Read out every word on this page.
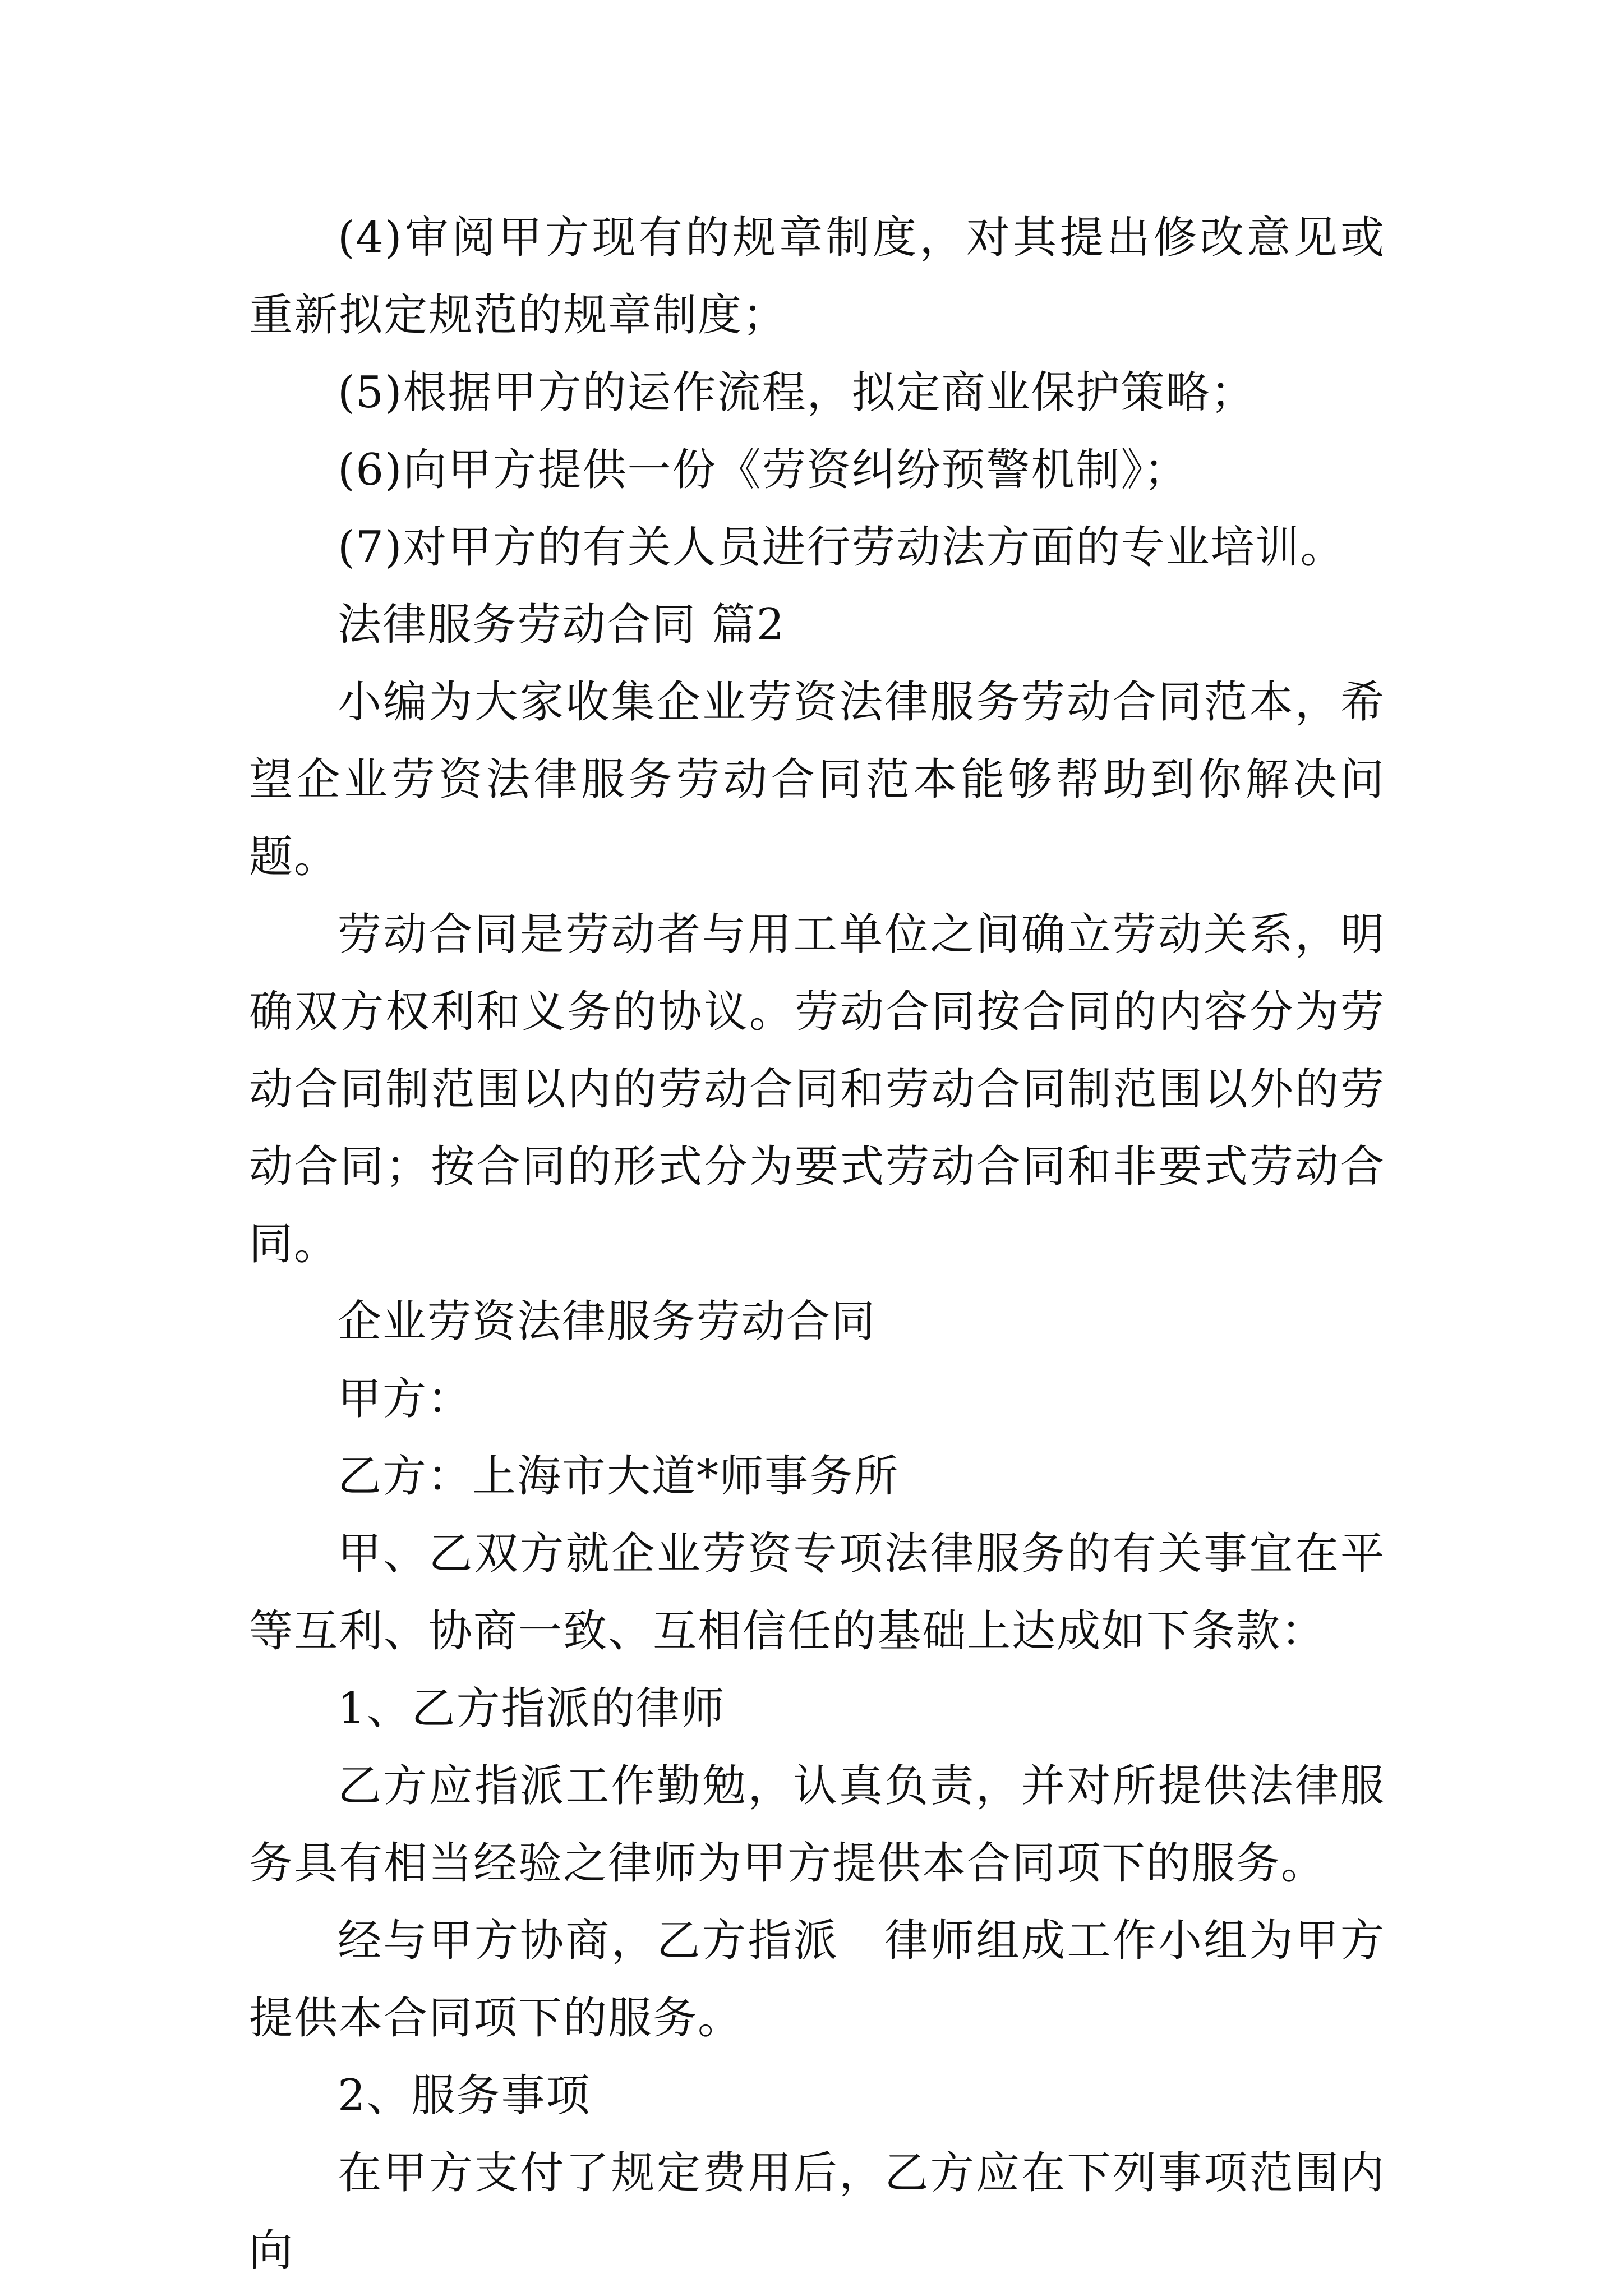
(4)审阅甲方现有的规章制度，对其提出修改意见或重新拟定规范的规章制度；

(5)根据甲方的运作流程，拟定商业保护策略；

(6)向甲方提供一份《劳资纠纷预警机制》；

(7)对甲方的有关人员进行劳动法方面的专业培训。

法律服务劳动合同 篇2

小编为大家收集企业劳资法律服务劳动合同范本，希望企业劳资法律服务劳动合同范本能够帮助到你解决问题。

劳动合同是劳动者与用工单位之间确立劳动关系，明确双方权利和义务的协议。劳动合同按合同的内容分为劳动合同制范围以内的劳动合同和劳动合同制范围以外的劳动合同；按合同的形式分为要式劳动合同和非要式劳动合同。

企业劳资法律服务劳动合同

甲方：

乙方：上海市大道*师事务所

甲、乙双方就企业劳资专项法律服务的有关事宜在平等互利、协商一致、互相信任的基础上达成如下条款：

1、乙方指派的律师

乙方应指派工作勤勉，认真负责，并对所提供法律服务具有相当经验之律师为甲方提供本合同项下的服务。

经与甲方协商，乙方指派　律师组成工作小组为甲方提供本合同项下的服务。

2、服务事项

在甲方支付了规定费用后，乙方应在下列事项范围内向
